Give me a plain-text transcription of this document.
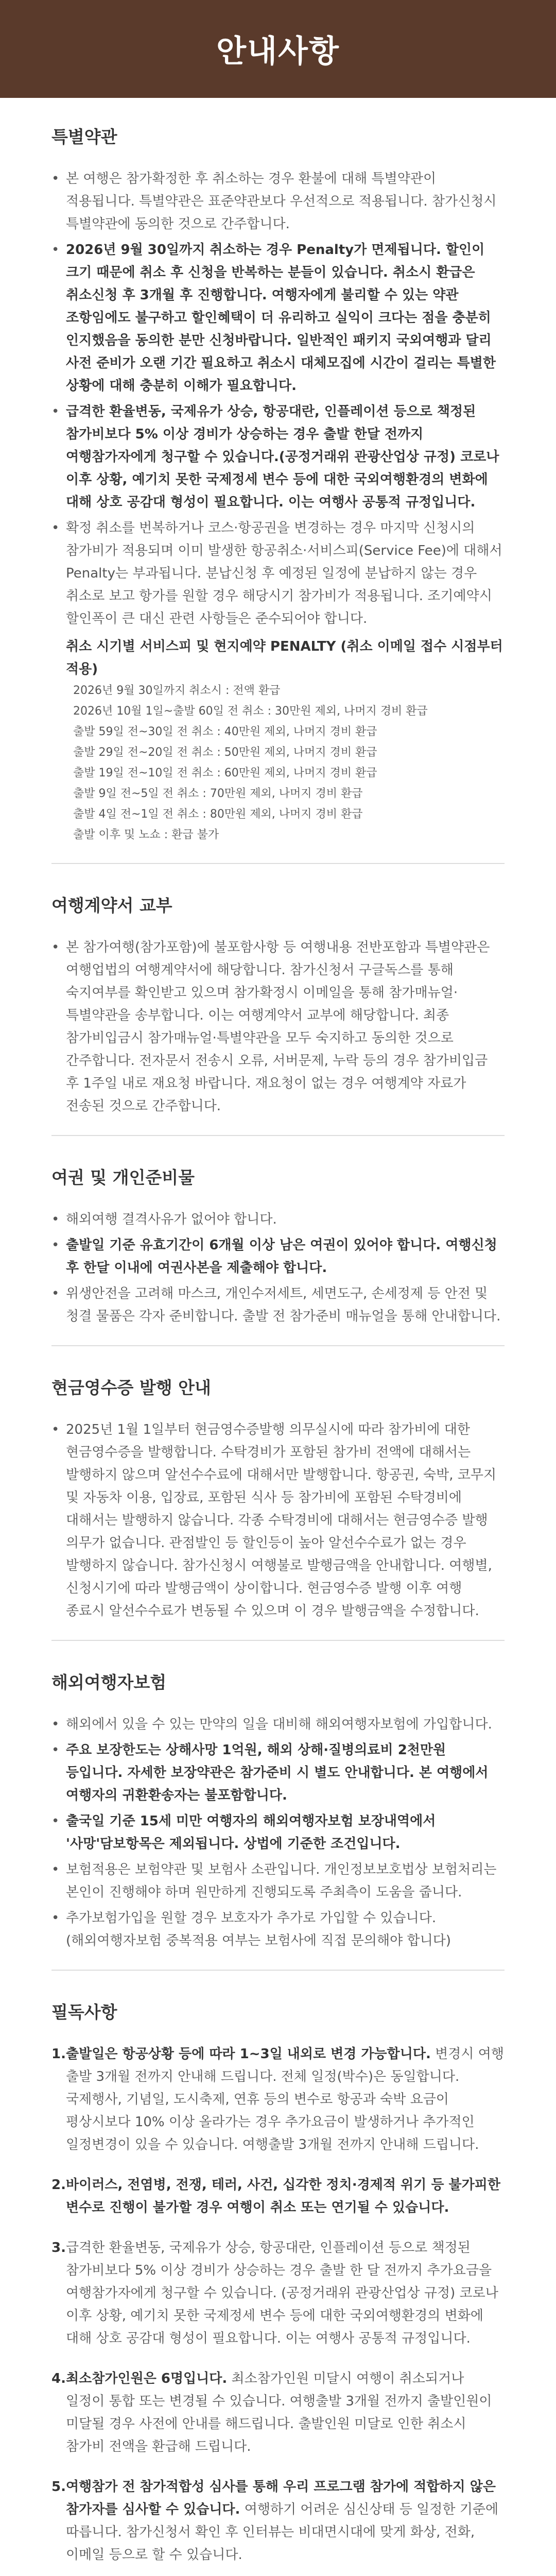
안내사항
특별약관
• 본 여행은 참가확정한 후 취소하는 경우 환불에 대해 특별약관이 적용됩니다. 특별약관은 표준약관보다 우선적으로 적용됩니다. 참가신청시 특별약관에 동의한 것으로 간주합니다.
• 2026년 9월 30일까지 취소하는 경우 Penalty가 면제됩니다. 할인이 크기 때문에 취소 후 신청을 반복하는 분들이 있습니다. 취소시 환급은 취소신청 후 3개월 후 진행합니다. 여행자에게 불리할 수 있는 약관 조항임에도 불구하고 할인혜택이 더 유리하고 실익이 크다는 점을 충분히 인지했음을 동의한 분만 신청바랍니다. 일반적인 패키지 국외여행과 달리 사전 준비가 오랜 기간 필요하고 취소시 대체모집에 시간이 걸리는 특별한 상황에 대해 충분히 이해가 필요합니다.
• 급격한 환율변동, 국제유가 상승, 항공대란, 인플레이션 등으로 책정된 참가비보다 5% 이상 경비가 상승하는 경우 출발 한달 전까지 여행참가자에게 청구할 수 있습니다.(공정거래위 관광산업상 규정) 코로나 이후 상황, 예기치 못한 국제정세 변수 등에 대한 국외여행환경의 변화에 대해 상호 공감대 형성이 필요합니다. 이는 여행사 공통적 규정입니다.
• 확정 취소를 번복하거나 코스·항공권을 변경하는 경우 마지막 신청시의 참가비가 적용되며 이미 발생한 항공취소·서비스피(Service Fee)에 대해서 Penalty는 부과됩니다. 분납신청 후 예정된 일정에 분납하지 않는 경우 취소로 보고 항가를 원할 경우 해당시기 참가비가 적용됩니다. 조기예약시 할인폭이 큰 대신 관련 사항들은 준수되어야 합니다.
취소 시기별 서비스피 및 현지예약 PENALTY (취소 이메일 접수 시점부터 적용)
2026년 9월 30일까지 취소시 : 전액 환급
2026년 10월 1일~출발 60일 전 취소 : 30만원 제외, 나머지 경비 환급
출발 59일 전~30일 전 취소 : 40만원 제외, 나머지 경비 환급
출발 29일 전~20일 전 취소 : 50만원 제외, 나머지 경비 환급
출발 19일 전~10일 전 취소 : 60만원 제외, 나머지 경비 환급
출발 9일 전~5일 전 취소 : 70만원 제외, 나머지 경비 환급
출발 4일 전~1일 전 취소 : 80만원 제외, 나머지 경비 환급
출발 이후 및 노쇼 : 환급 불가
여행계약서 교부
• 본 참가여행(참가포함)에 불포함사항 등 여행내용 전반포함과 특별약관은 여행업법의 여행계약서에 해당합니다. 참가신청서 구글독스를 통해 숙지여부를 확인받고 있으며 참가확정시 이메일을 통해 참가매뉴얼·특별약관을 송부합니다. 이는 여행계약서 교부에 해당합니다. 최종 참가비입금시 참가매뉴얼·특별약관을 모두 숙지하고 동의한 것으로 간주합니다. 전자문서 전송시 오류, 서버문제, 누락 등의 경우 참가비입금 후 1주일 내로 재요청 바랍니다. 재요청이 없는 경우 여행계약 자료가 전송된 것으로 간주합니다.
여권 및 개인준비물
• 해외여행 결격사유가 없어야 합니다.
• 출발일 기준 유효기간이 6개월 이상 남은 여권이 있어야 합니다. 여행신청 후 한달 이내에 여권사본을 제출해야 합니다.
• 위생안전을 고려해 마스크, 개인수저세트, 세면도구, 손세정제 등 안전 및 청결 물품은 각자 준비합니다. 출발 전 참가준비 매뉴얼을 통해 안내합니다.
현금영수증 발행 안내
• 2025년 1월 1일부터 현금영수증발행 의무실시에 따라 참가비에 대한 현금영수증을 발행합니다. 수탁경비가 포함된 참가비 전액에 대해서는 발행하지 않으며 알선수수료에 대해서만 발행합니다. 항공권, 숙박, 코무지 및 자동차 이용, 입장료, 포함된 식사 등 참가비에 포함된 수탁경비에 대해서는 발행하지 않습니다. 각종 수탁경비에 대해서는 현금영수증 발행 의무가 없습니다. 관점발인 등 할인등이 높아 알선수수료가 없는 경우 발행하지 않습니다. 참가신청시 여행불로 발행금액을 안내합니다. 여행별, 신청시기에 따라 발행금액이 상이합니다. 현금영수증 발행 이후 여행 종료시 알선수수료가 변동될 수 있으며 이 경우 발행금액을 수정합니다.
해외여행자보험
• 해외에서 있을 수 있는 만약의 일을 대비해 해외여행자보험에 가입합니다.
• 주요 보장한도는 상해사망 1억원, 해외 상해·질병의료비 2천만원 등입니다. 자세한 보장약관은 참가준비 시 별도 안내합니다. 본 여행에서 여행자의 귀환환송자는 불포함합니다.
• 출국일 기준 15세 미만 여행자의 해외여행자보험 보장내역에서 '사망'담보항목은 제외됩니다. 상법에 기준한 조건입니다.
• 보험적용은 보험약관 및 보험사 소관입니다. 개인정보보호법상 보험처리는 본인이 진행해야 하며 원만하게 진행되도록 주최측이 도움을 줍니다.
• 추가보험가입을 원할 경우 보호자가 추가로 가입할 수 있습니다.(해외여행자보험 중복적용 여부는 보험사에 직접 문의해야 합니다)
필독사항
1. 출발일은 항공상황 등에 따라 1~3일 내외로 변경 가능합니다. 변경시 여행 출발 3개월 전까지 안내해 드립니다. 전체 일정(박수)은 동일합니다. 국제행사, 기념일, 도시축제, 연휴 등의 변수로 항공과 숙박 요금이 평상시보다 10% 이상 올라가는 경우 추가요금이 발생하거나 추가적인 일정변경이 있을 수 있습니다. 여행출발 3개월 전까지 안내해 드립니다.
2. 바이러스, 전염병, 전쟁, 테러, 사건, 십각한 정치·경제적 위기 등 불가피한 변수로 진행이 불가할 경우 여행이 취소 또는 연기될 수 있습니다.
3. 급격한 환율변동, 국제유가 상승, 항공대란, 인플레이션 등으로 책정된 참가비보다 5% 이상 경비가 상승하는 경우 출발 한 달 전까지 추가요금을 여행참가자에게 청구할 수 있습니다. (공정거래위 관광산업상 규정) 코로나 이후 상황, 예기치 못한 국제정세 변수 등에 대한 국외여행환경의 변화에 대해 상호 공감대 형성이 필요합니다. 이는 여행사 공통적 규정입니다.
4. 최소참가인원은 6명입니다. 최소참가인원 미달시 여행이 취소되거나 일정이 통합 또는 변경될 수 있습니다. 여행출발 3개월 전까지 출발인원이 미달될 경우 사전에 안내를 해드립니다. 출발인원 미달로 인한 취소시 참가비 전액을 환급해 드립니다.
5. 여행참가 전 참가적합성 심사를 통해 우리 프로그램 참가에 적합하지 않은 참가자를 심사할 수 있습니다. 여행하기 어려운 심신상태 등 일정한 기준에 따릅니다. 참가신청서 확인 후 인터뷰는 비대면시대에 맞게 화상, 전화, 이메일 등으로 할 수 있습니다.
